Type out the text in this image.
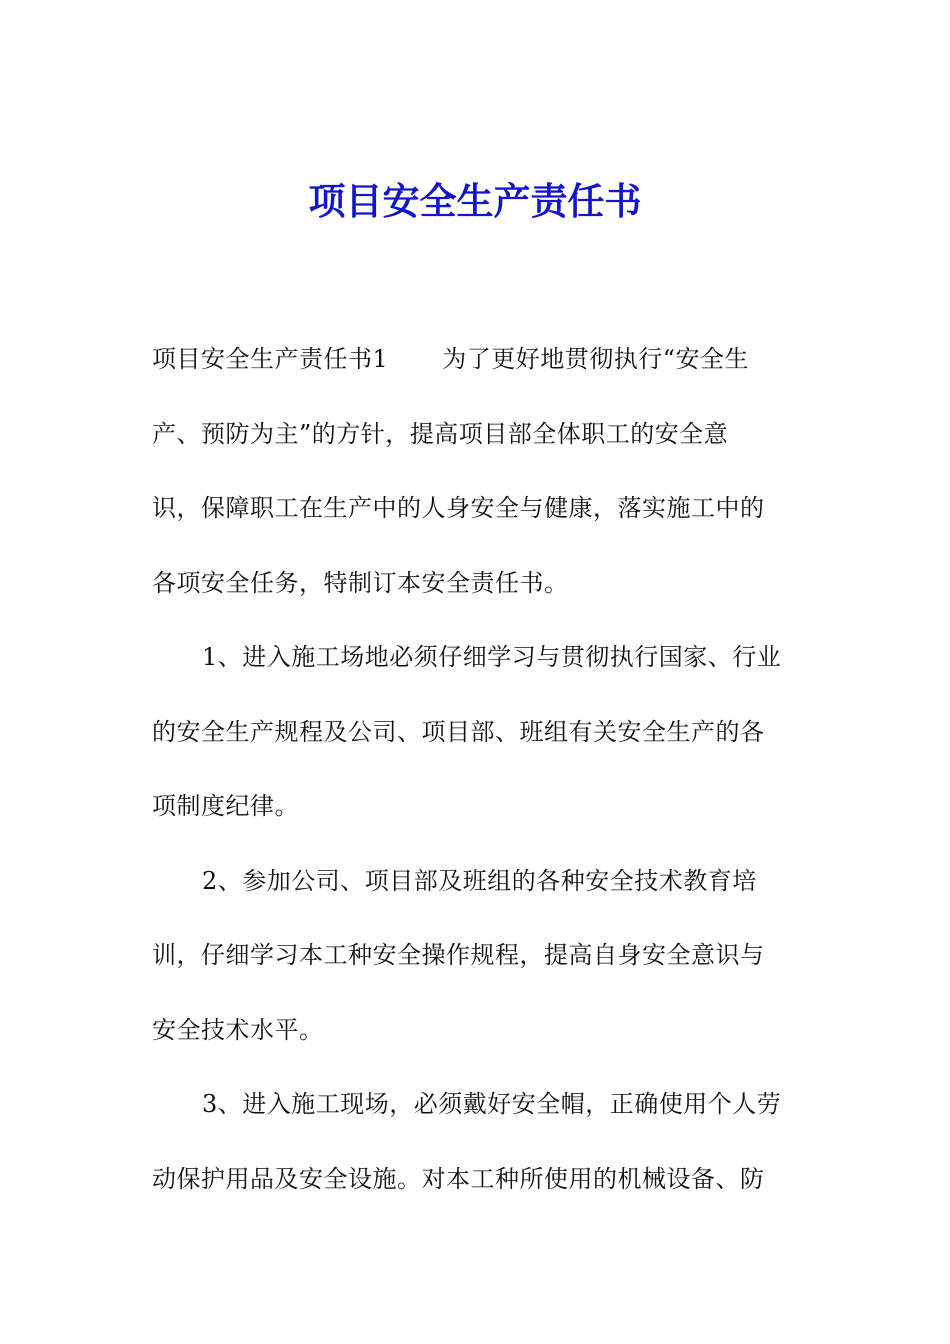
项目安全生产责任书
项目安全生产责任书1 为了更好地贯彻执行“安全生
产、预防为主”的方针，提高项目部全体职工的安全意
识，保障职工在生产中的人身安全与健康，落实施工中的
各项安全任务，特制订本安全责任书。
1、进入施工场地必须仔细学习与贯彻执行国家、行业
的安全生产规程及公司、项目部、班组有关安全生产的各
项制度纪律。
2、参加公司、项目部及班组的各种安全技术教育培
训，仔细学习本工种安全操作规程，提高自身安全意识与
安全技术水平。
3、进入施工现场，必须戴好安全帽，正确使用个人劳
动保护用品及安全设施。对本工种所使用的机械设备、防
